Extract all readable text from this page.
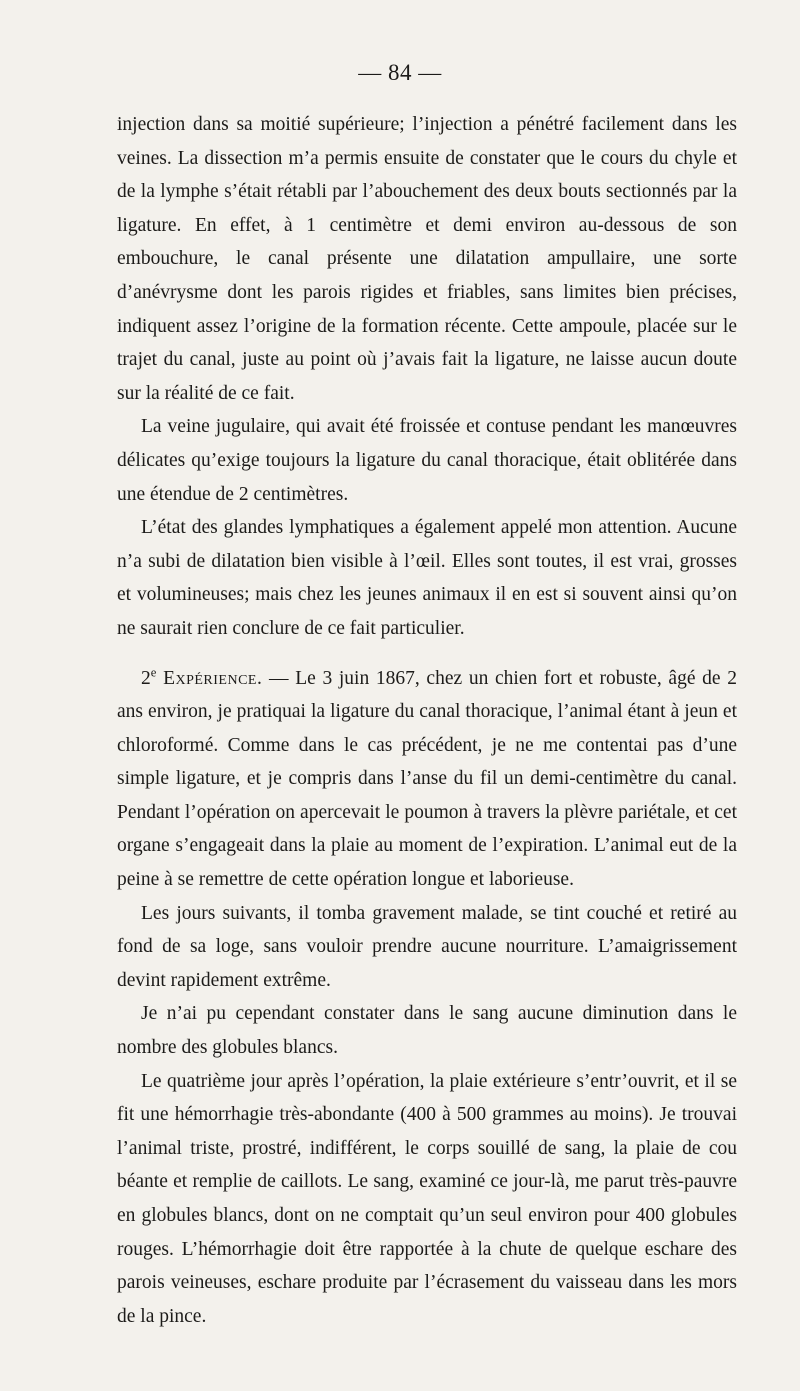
— 84 —

injection dans sa moitié supérieure; l’injection a pénétré facilement dans les veines. La dissection m’a permis ensuite de constater que le cours du chyle et de la lymphe s’était rétabli par l’abouchement des deux bouts sectionnés par la ligature. En effet, à 1 centimètre et demi environ au-dessous de son embouchure, le canal présente une dilatation ampullaire, une sorte d’anévrysme dont les parois rigides et friables, sans limites bien précises, indiquent assez l’origine de la formation récente. Cette ampoule, placée sur le trajet du canal, juste au point où j’avais fait la ligature, ne laisse aucun doute sur la réalité de ce fait.

La veine jugulaire, qui avait été froissée et contuse pendant les manœuvres délicates qu’exige toujours la ligature du canal thoracique, était oblitérée dans une étendue de 2 centimètres.

L’état des glandes lymphatiques a également appelé mon attention. Aucune n’a subi de dilatation bien visible à l’œil. Elles sont toutes, il est vrai, grosses et volumineuses; mais chez les jeunes animaux il en est si souvent ainsi qu’on ne saurait rien conclure de ce fait particulier.

2e Expérience. — Le 3 juin 1867, chez un chien fort et robuste, âgé de 2 ans environ, je pratiquai la ligature du canal thoracique, l’animal étant à jeun et chloroformé. Comme dans le cas précédent, je ne me contentai pas d’une simple ligature, et je compris dans l’anse du fil un demi-centimètre du canal. Pendant l’opération on apercevait le poumon à travers la plèvre pariétale, et cet organe s’engageait dans la plaie au moment de l’expiration. L’animal eut de la peine à se remettre de cette opération longue et laborieuse.

Les jours suivants, il tomba gravement malade, se tint couché et retiré au fond de sa loge, sans vouloir prendre aucune nourriture. L’amaigrissement devint rapidement extrême.

Je n’ai pu cependant constater dans le sang aucune diminution dans le nombre des globules blancs.

Le quatrième jour après l’opération, la plaie extérieure s’entr’ouvrit, et il se fit une hémorrhagie très-abondante (400 à 500 grammes au moins). Je trouvai l’animal triste, prostré, indifférent, le corps souillé de sang, la plaie de cou béante et remplie de caillots. Le sang, examiné ce jour-là, me parut très-pauvre en globules blancs, dont on ne comptait qu’un seul environ pour 400 globules rouges. L’hémorrhagie doit être rapportée à la chute de quelque eschare des parois veineuses, eschare produite par l’écrasement du vaisseau dans les mors de la pince.
